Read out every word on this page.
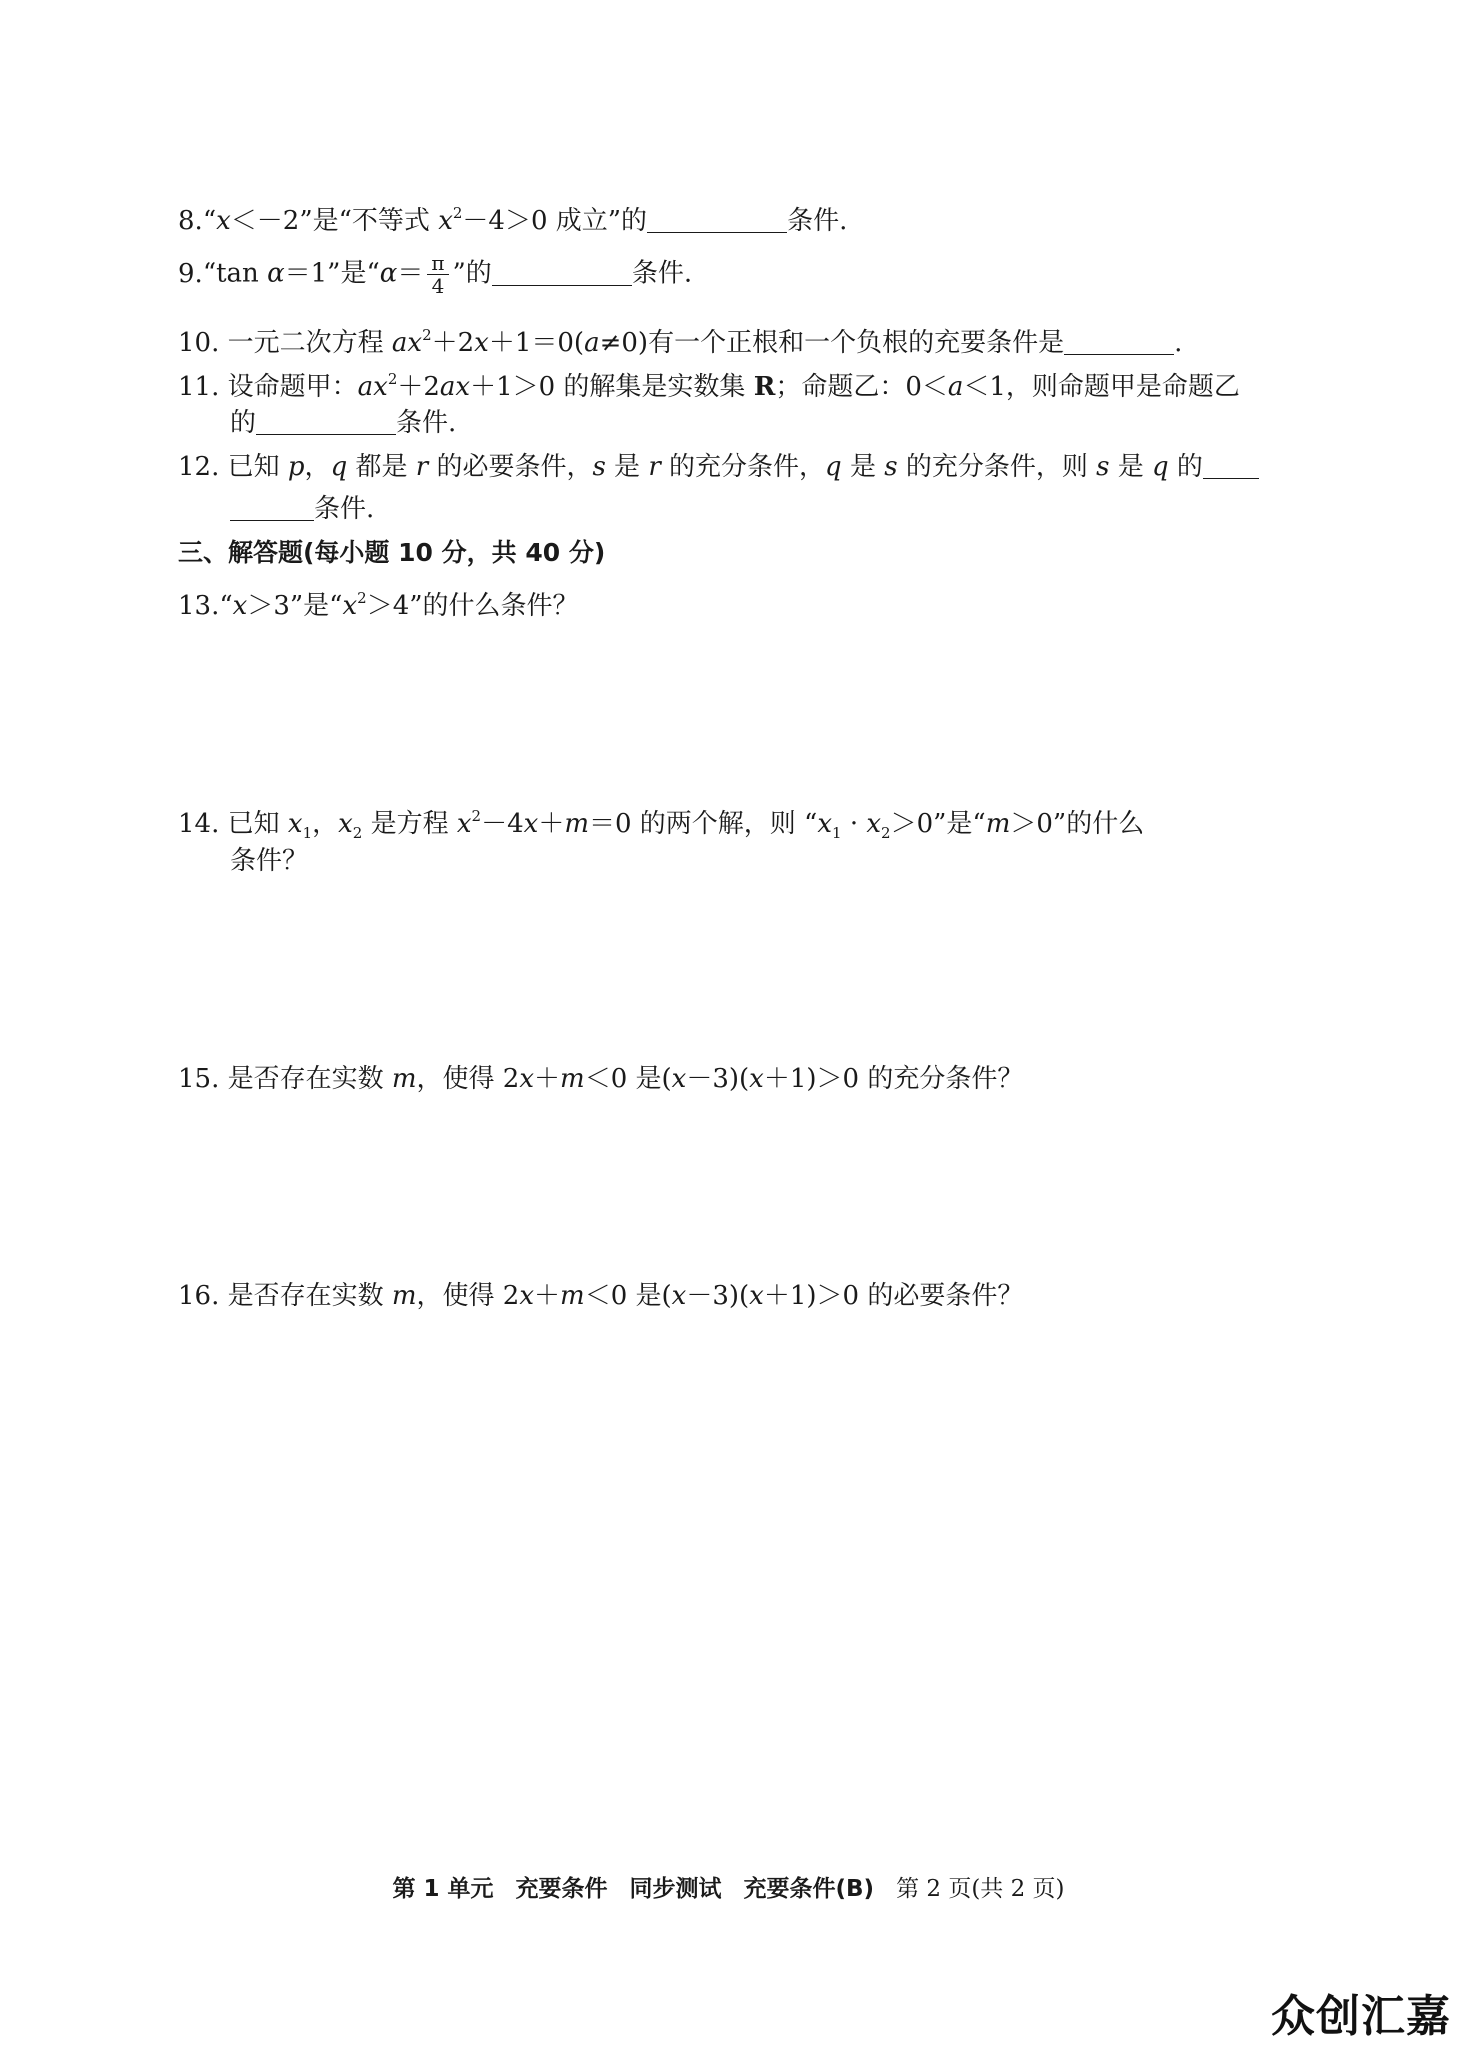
8.“x＜－2”是“不等式 $x^2-4>0$ 成立”的	条件.
9.“tan α＝1”是“$\alpha= \frac{\pi}{4}$ ”的	条件.
10. 一元二次方程 $ax^2+2x+1=0(a\ne 0)$有一个正根和一个负根的充要条件是	.
11. 设命题甲：$ax^2+2ax+1>0$ 的解集是实数集 R；命题乙：0＜a＜1，则命题甲是命题乙
的	条件.
12. 已知 p，q 都是 r 的必要条件，s 是 r 的充分条件，q 是 s 的充分条件，则 s 是 q 的
条件.
三、解答题(每小题 10 分，共 40 分)
13.“x＞3”是“$x^2>4$”的什么条件？
14. 已知 $x_1$，$x_2$ 是方程 $x^2-4x+m=0$ 的两个解，则 “$x_1 \cdot x_2>0$”是“m＞0”的什么
条件？
15. 是否存在实数 m，使得 2x＋m＜0 是(x－3)(x＋1)＞0 的充分条件？
16. 是否存在实数 m，使得 2x＋m＜0 是(x－3)(x＋1)＞0 的必要条件？
第 1 单元 充要条件 同步测试 充要条件(B) 第 2 页(共 2 页)
众创汇嘉
